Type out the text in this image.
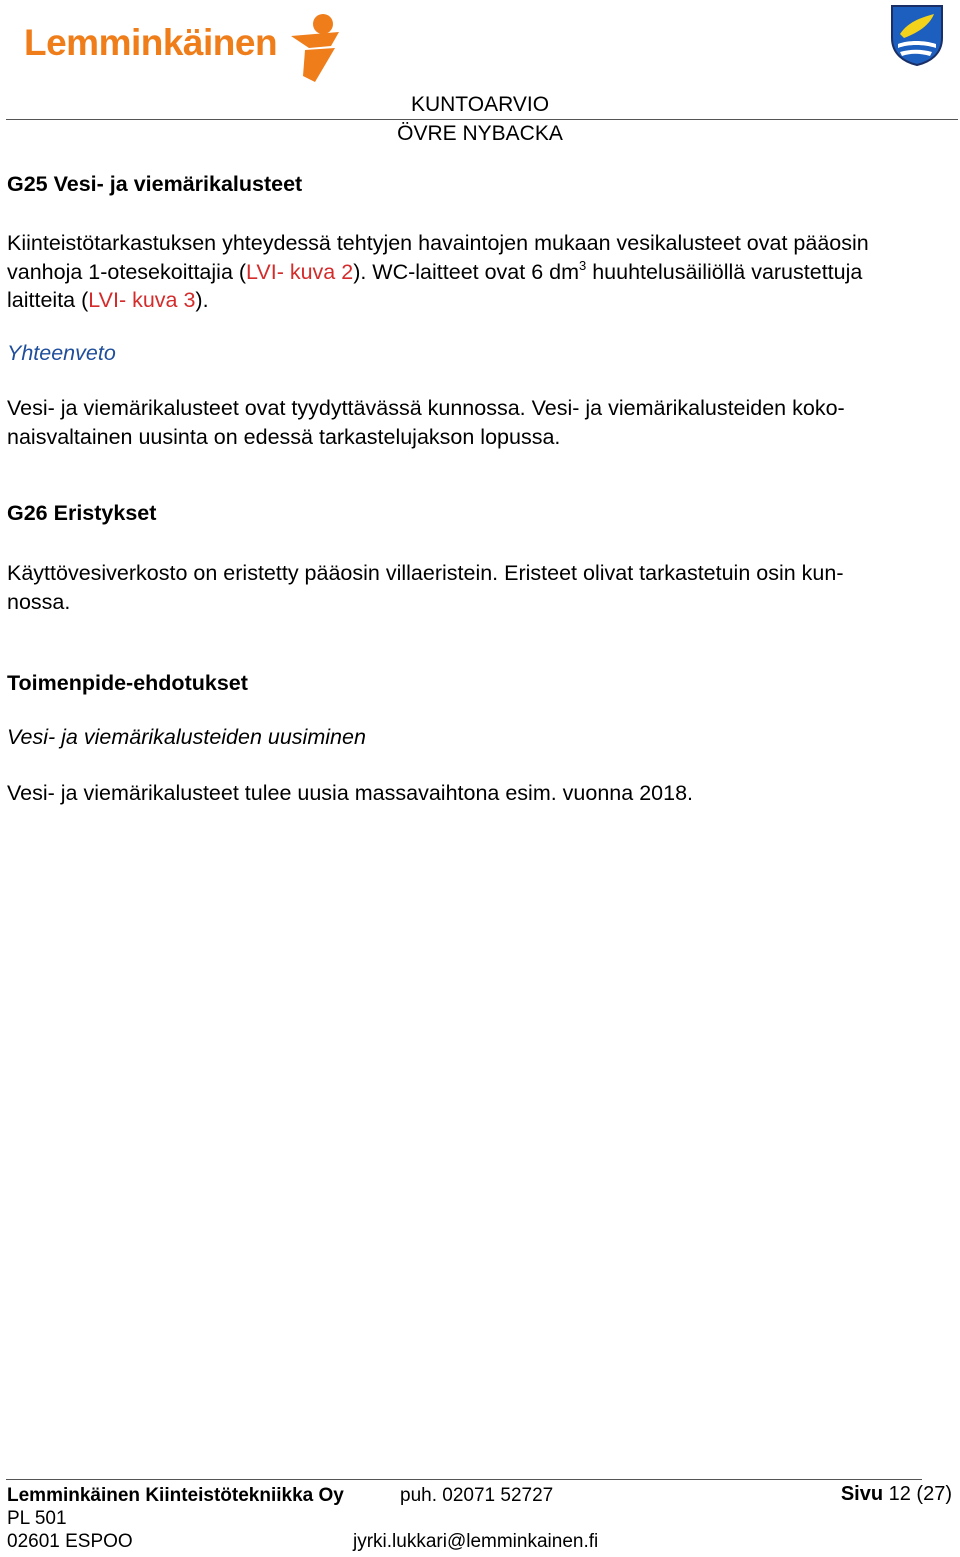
Lemminkäinen
KUNTOARVIO
ÖVRE NYBACKA
G25 Vesi- ja viemärikalusteet
Kiinteistötarkastuksen yhteydessä tehtyjen havaintojen mukaan vesikalusteet ovat pääosin
vanhoja 1-otesekoittajia (LVI- kuva 2). WC-laitteet ovat 6 $dm^3$ huuhtelusäiliöllä varustettuja
laitteita (LVI- kuva 3).
Yhteenveto
Vesi- ja viemärikalusteet ovat tyydyttävässä kunnossa. Vesi- ja viemärikalusteiden koko-
naisvaltainen uusinta on edessä tarkastelujakson lopussa.
G26 Eristykset
Käyttövesiverkosto on eristetty pääosin villaeristein. Eristeet olivat tarkastetuin osin kun-
nossa.
Toimenpide-ehdotukset
Vesi- ja viemärikalusteiden uusiminen
Vesi- ja viemärikalusteet tulee uusia massavaihtona esim. vuonna 2018.
Lemminkäinen Kiinteistötekniikka Oy	puh. 02071 52727	Sivu 12 (27)
PL 501
02601 ESPOO	jyrki.lukkari@lemminkainen.fi
